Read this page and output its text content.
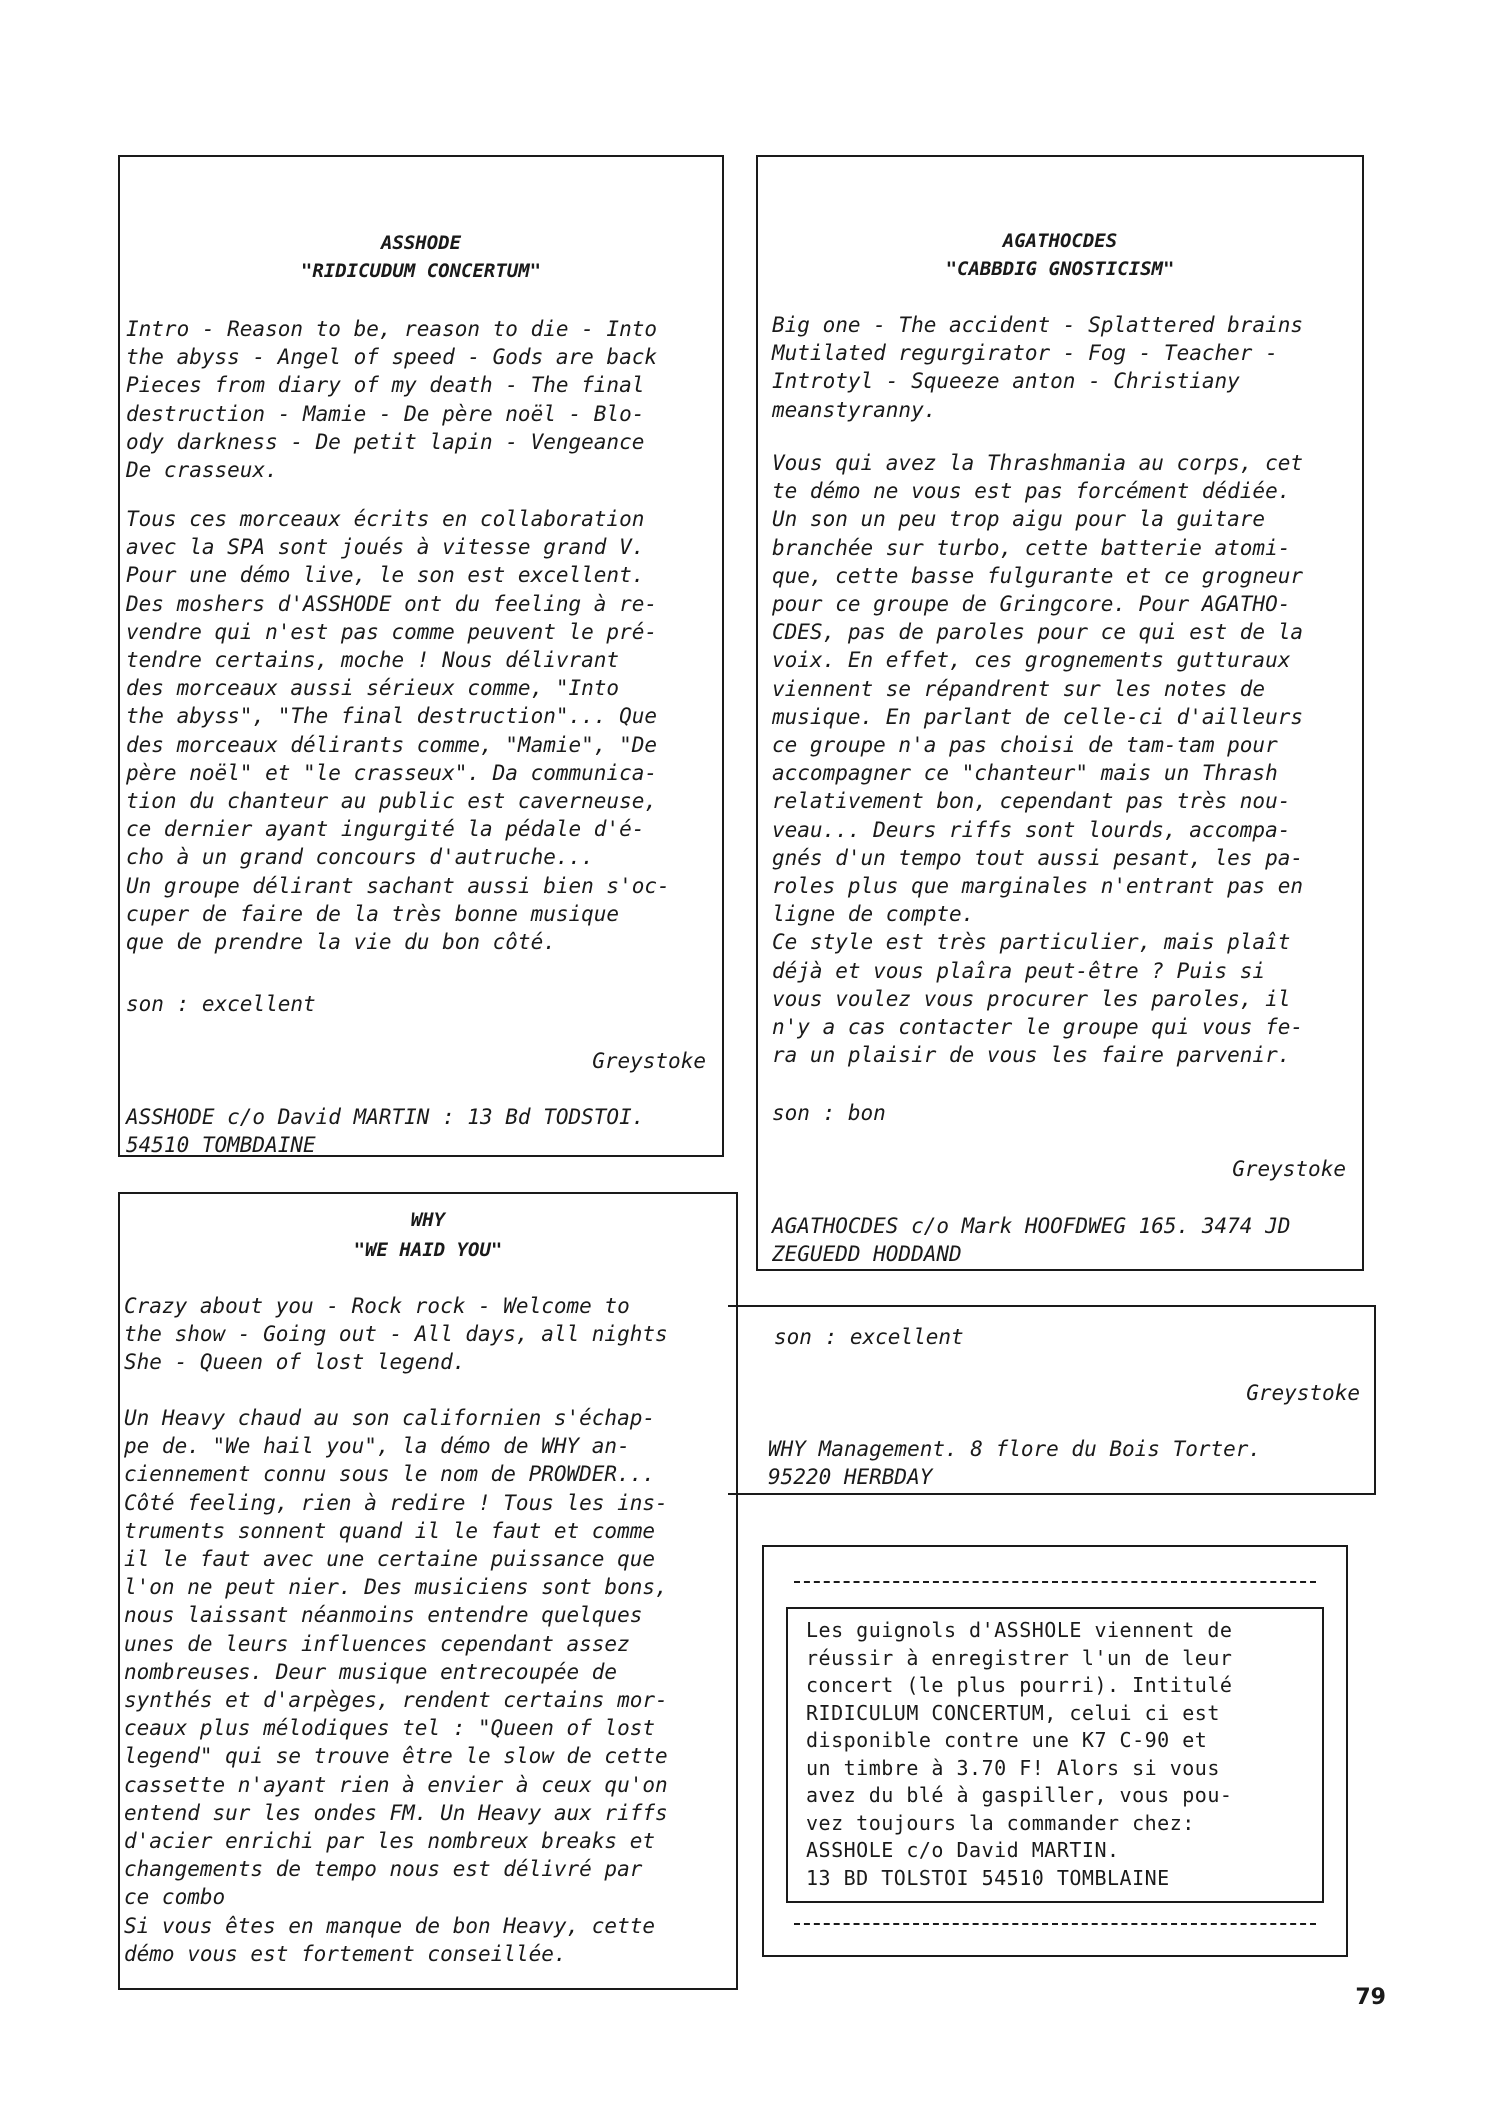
ASSHODE
"RIDICUDUM CONCERTUM"

Intro - Reason to be, reason to die - Into
the abyss - Angel of speed - Gods are back
Pieces from diary of my death - The final
destruction - Mamie - De père noël - Blo-
ody darkness - De petit lapin - Vengeance
De crasseux.

Tous ces morceaux écrits en collaboration
avec la SPA sont joués à vitesse grand V.
Pour une démo live, le son est excellent.
Des moshers d'ASSHODE ont du feeling à re-
vendre qui n'est pas comme peuvent le pré-
tendre certains, moche ! Nous délivrant
des morceaux aussi sérieux comme, "Into
the abyss", "The final destruction"... Que
des morceaux délirants comme, "Mamie", "De
père noël" et "le crasseux". Da communica-
tion du chanteur au public est caverneuse,
ce dernier ayant ingurgité la pédale d'é-
cho à un grand concours d'autruche...
Un groupe délirant sachant aussi bien s'oc-
cuper de faire de la très bonne musique
que de prendre la vie du bon côté.

son : excellent

Greystoke

ASSHODE c/o David MARTIN : 13 Bd TODSTOI.
54510 TOMBDAINE

AGATHOCDES
"CABBDIG GNOSTICISM"

Big one - The accident - Splattered brains
Mutilated regurgirator - Fog - Teacher -
Introtyl - Squeeze anton - Christiany
meanstyranny.

Vous qui avez la Thrashmania au corps, cet
te démo ne vous est pas forcément dédiée.
Un son un peu trop aigu pour la guitare
branchée sur turbo, cette batterie atomi-
que, cette basse fulgurante et ce grogneur
pour ce groupe de Gringcore. Pour AGATHO-
CDES, pas de paroles pour ce qui est de la
voix. En effet, ces grognements gutturaux
viennent se répandrent sur les notes de
musique. En parlant de celle-ci d'ailleurs
ce groupe n'a pas choisi de tam-tam pour
accompagner ce "chanteur" mais un Thrash
relativement bon, cependant pas très nou-
veau... Deurs riffs sont lourds, accompa-
gnés d'un tempo tout aussi pesant, les pa-
roles plus que marginales n'entrant pas en
ligne de compte.
Ce style est très particulier, mais plaît
déjà et vous plaîra peut-être ? Puis si
vous voulez vous procurer les paroles, il
n'y a cas contacter le groupe qui vous fe-
ra un plaisir de vous les faire parvenir.

son : bon

Greystoke

AGATHOCDES c/o Mark HOOFDWEG 165. 3474 JD
ZEGUEDD HODDAND

WHY
"WE HAID YOU"

Crazy about you - Rock rock - Welcome to
the show - Going out - All days, all nights
She - Queen of lost legend.

Un Heavy chaud au son californien s'échap-
pe de. "We hail you", la démo de WHY an-
ciennement connu sous le nom de PROWDER...
Côté feeling, rien à redire ! Tous les ins-
truments sonnent quand il le faut et comme
il le faut avec une certaine puissance que
l'on ne peut nier. Des musiciens sont bons,
nous laissant néanmoins entendre quelques
unes de leurs influences cependant assez
nombreuses. Deur musique entrecoupée de
synthés et d'arpèges, rendent certains mor-
ceaux plus mélodiques tel : "Queen of lost
legend" qui se trouve être le slow de cette
cassette n'ayant rien à envier à ceux qu'on
entend sur les ondes FM. Un Heavy aux riffs
d'acier enrichi par les nombreux breaks et
changements de tempo nous est délivré par
ce combo
Si vous êtes en manque de bon Heavy, cette
démo vous est fortement conseillée.

son : excellent

Greystoke

WHY Management. 8 flore du Bois Torter.
95220 HERBDAY

Les guignols d'ASSHOLE viennent de
réussir à enregistrer l'un de leur
concert (le plus pourri). Intitulé
RIDICULUM CONCERTUM, celui ci est
disponible contre une K7 C-90 et
un timbre à 3.70 F! Alors si vous
avez du blé à gaspiller, vous pou-
vez toujours la commander chez:
ASSHOLE c/o David MARTIN.
13 BD TOLSTOI 54510 TOMBLAINE

79
